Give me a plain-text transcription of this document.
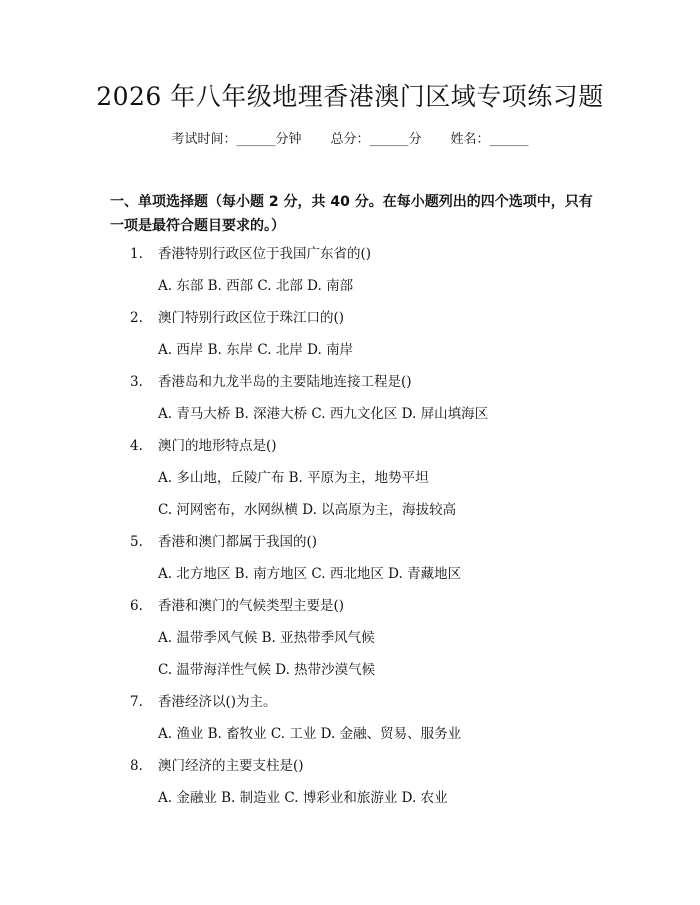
2026 年八年级地理香港澳门区域专项练习题
考试时间：______分钟 总分：______分 姓名：______
一、单项选择题（每小题 2 分，共 40 分。在每小题列出的四个选项中，只有一项是最符合题目要求的。）
1. 香港特别行政区位于我国广东省的()
A. 东部 B. 西部 C. 北部 D. 南部
2. 澳门特别行政区位于珠江口的()
A. 西岸 B. 东岸 C. 北岸 D. 南岸
3. 香港岛和九龙半岛的主要陆地连接工程是()
A. 青马大桥 B. 深港大桥 C. 西九文化区 D. 屏山填海区
4. 澳门的地形特点是()
A. 多山地，丘陵广布 B. 平原为主，地势平坦
C. 河网密布，水网纵横 D. 以高原为主，海拔较高
5. 香港和澳门都属于我国的()
A. 北方地区 B. 南方地区 C. 西北地区 D. 青藏地区
6. 香港和澳门的气候类型主要是()
A. 温带季风气候 B. 亚热带季风气候
C. 温带海洋性气候 D. 热带沙漠气候
7. 香港经济以()为主。
A. 渔业 B. 畜牧业 C. 工业 D. 金融、贸易、服务业
8. 澳门经济的主要支柱是()
A. 金融业 B. 制造业 C. 博彩业和旅游业 D. 农业
